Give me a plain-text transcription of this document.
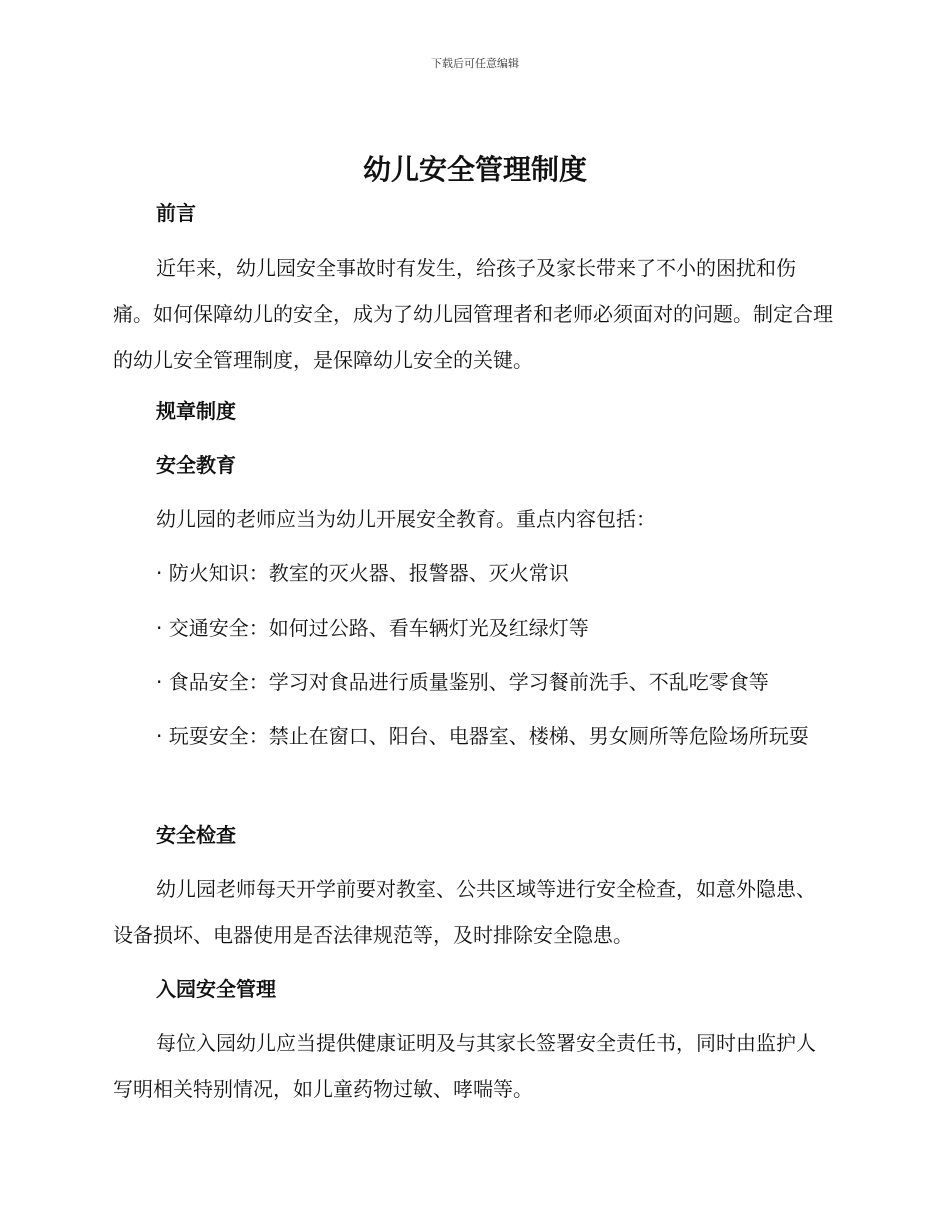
下载后可任意编辑
幼儿安全管理制度
前言

近年来，幼儿园安全事故时有发生，给孩子及家长带来了不小的困扰和伤痛。如何保障幼儿的安全，成为了幼儿园管理者和老师必须面对的问题。制定合理的幼儿安全管理制度，是保障幼儿安全的关键。

规章制度
安全教育

幼儿园的老师应当为幼儿开展安全教育。重点内容包括：

· 防火知识：教室的灭火器、报警器、灭火常识

· 交通安全：如何过公路、看车辆灯光及红绿灯等

· 食品安全：学习对食品进行质量鉴别、学习餐前洗手、不乱吃零食等

· 玩耍安全：禁止在窗口、阳台、电器室、楼梯、男女厕所等危险场所玩耍

安全检查

幼儿园老师每天开学前要对教室、公共区域等进行安全检查，如意外隐患、设备损坏、电器使用是否法律规范等，及时排除安全隐患。

入园安全管理

每位入园幼儿应当提供健康证明及与其家长签署安全责任书，同时由监护人写明相关特别情况，如儿童药物过敏、哮喘等。
